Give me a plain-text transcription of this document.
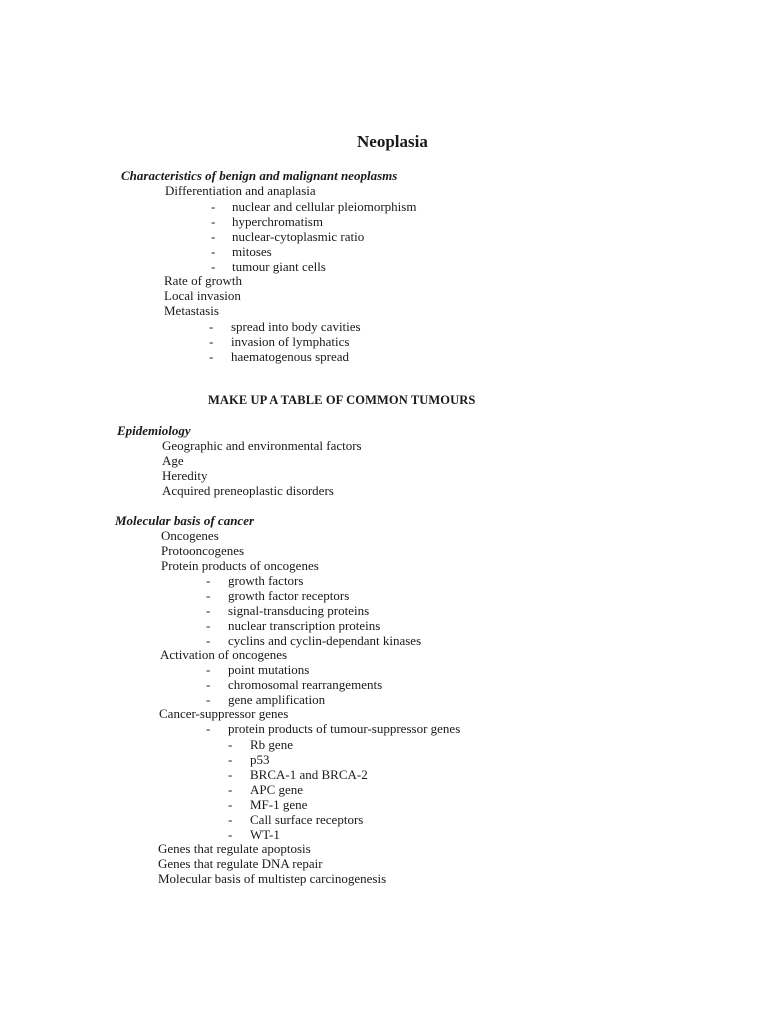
Neoplasia
Characteristics of benign and malignant neoplasms
Differentiation and anaplasia
- nuclear and cellular pleiomorphism
- hyperchromatism
- nuclear-cytoplasmic ratio
- mitoses
- tumour giant cells
Rate of growth
Local invasion
Metastasis
- spread into body cavities
- invasion of lymphatics
- haematogenous spread
MAKE UP A TABLE OF COMMON TUMOURS
Epidemiology
Geographic and environmental factors
Age
Heredity
Acquired preneoplastic disorders
Molecular basis of cancer
Oncogenes
Protooncogenes
Protein products of oncogenes
- growth factors
- growth factor receptors
- signal-transducing proteins
- nuclear transcription proteins
- cyclins and cyclin-dependant kinases
Activation of oncogenes
- point mutations
- chromosomal rearrangements
- gene amplification
Cancer-suppressor genes
- protein products of tumour-suppressor genes
- Rb gene
- p53
- BRCA-1 and BRCA-2
- APC gene
- MF-1 gene
- Call surface receptors
- WT-1
Genes that regulate apoptosis
Genes that regulate DNA repair
Molecular basis of multistep carcinogenesis
